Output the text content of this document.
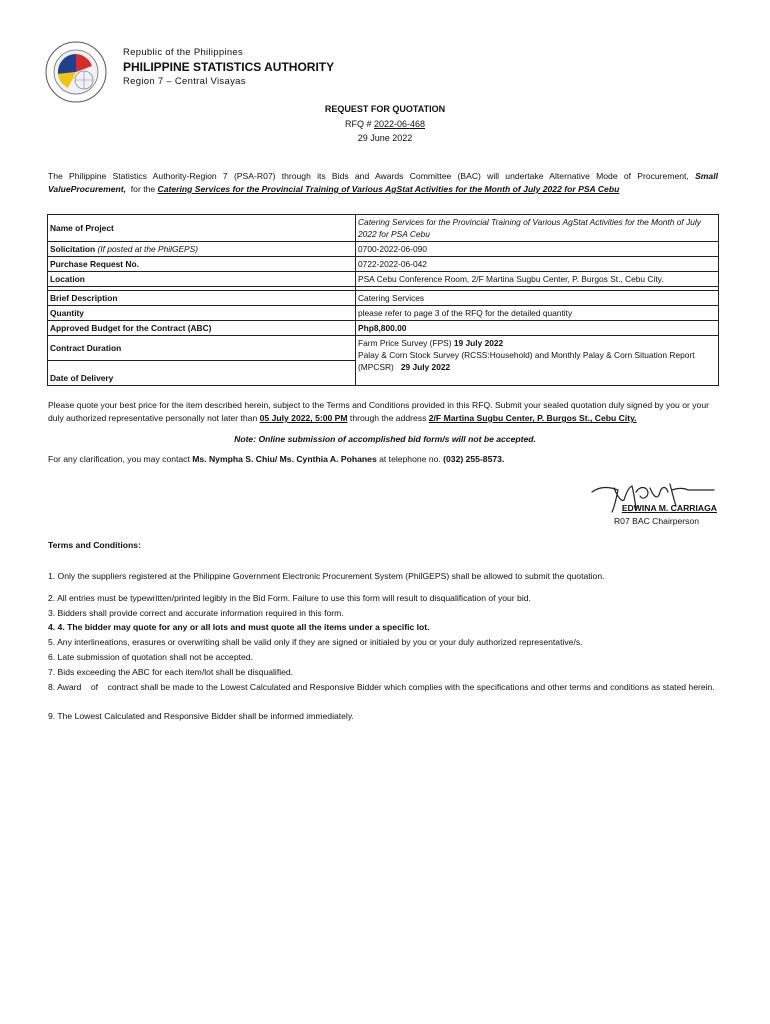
Republic of the Philippines
PHILIPPINE STATISTICS AUTHORITY
Region 7 – Central Visayas
REQUEST FOR QUOTATION
RFQ # 2022-06-468
29 June 2022
The Philippine Statistics Authority-Region 7 (PSA-R07) through its Bids and Awards Committee (BAC) will undertake Alternative Mode of Procurement, Small ValueProcurement,  for the Catering Services for the Provincial Training of Various AgStat Activities for the Month of July 2022 for PSA Cebu
Name of Project	Catering Services for the Provincial Training of Various AgStat Activities for the Month of July 2022 for PSA Cebu
Solicitation (If posted at the PhilGEPS)	0700-2022-06-090
Purchase Request No.	0722-2022-06-042
Location	PSA Cebu Conference Room, 2/F Martina Sugbu Center, P. Burgos St., Cebu City.

Brief Description	Catering Services
Quantity	please refer to page 3 of the RFQ for the detailed quantity
Approved Budget for the Contract (ABC)	Php8,800.00
Contract Duration	Farm Price Survey (FPS) 19 July 2022
Palay & Corn Stock Survey (RCSS:Household) and Monthly Palay & Corn Situation Report (MPCSR)   29 July 2022
Date of Delivery	
Please quote your best price for the item described herein, subject to the Terms and Conditions provided in this RFQ. Submit your sealed quotation duly signed by you or your duly authorized representative personally not later than 05 July 2022, 5:00 PM through the address 2/F Martina Sugbu Center, P. Burgos St., Cebu City.
Note: Online submission of accomplished bid form/s will not be accepted.
For any clarification, you may contact Ms. Nympha S. Chiu/ Ms. Cynthia A. Pohanes at telephone no. (032) 255-8573.
EDWINA M. CARRIAGA
R07 BAC Chairperson
Terms and Conditions:
1. Only the suppliers registered at the Philippine Government Electronic Procurement System (PhilGEPS) shall be allowed to submit the quotation.
2. All entries must be typewritten/printed legibly in the Bid Form. Failure to use this form will result to disqualification of your bid.
3. Bidders shall provide correct and accurate information required in this form.
4. 4. The bidder may quote for any or all lots and must quote all the items under a specific lot.
5. Any interlineations, erasures or overwriting shall be valid only if they are signed or initialed by you or your duly authorized representative/s.
6. Late submission of quotation shall not be accepted.
7. Bids exceeding the ABC for each item/lot shall be disqualified.
8. Award    of    contract shall be made to the Lowest Calculated and Responsive Bidder which complies with the specifications and other terms and conditions as stated herein.
9. The Lowest Calculated and Responsive Bidder shall be informed immediately.
